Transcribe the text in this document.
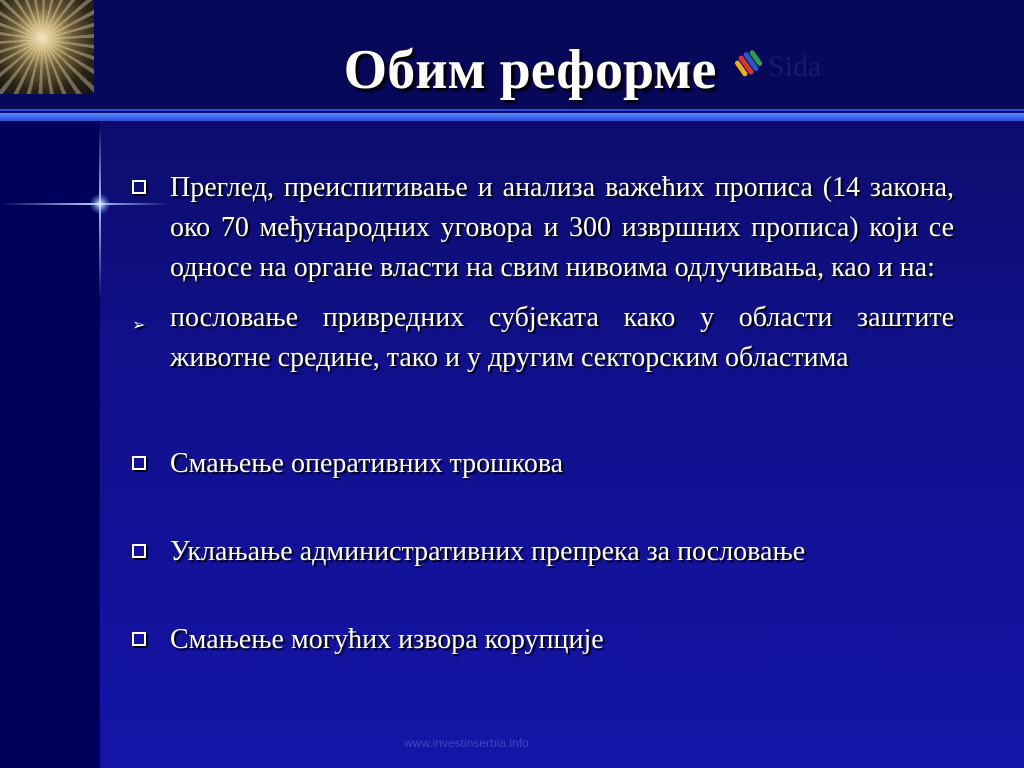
Обим реформе	Sida
Преглед, преиспитивање и анализа важећих прописа (14 закона, око 70 међународних уговора и 300 извршних прописа) који се односе на органе власти на свим нивоима одлучивања, као и на:
➢ пословање привредних субјеката како у области заштите животне средине, тако и у другим секторским областима
Смањење оперативних трошкова
Уклањање административних препрека за пословање
Смањење могућих извора корупције
www.investinserbia.info
